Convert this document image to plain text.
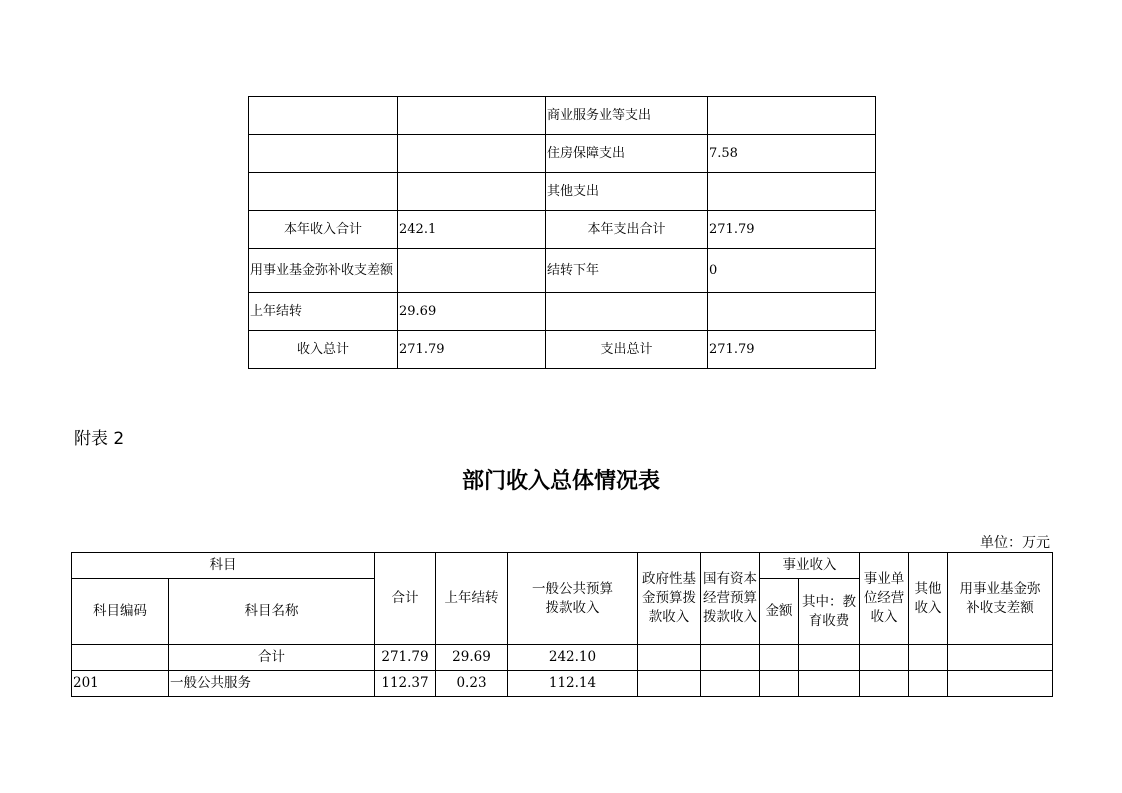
		商业服务业等支出	
		住房保障支出	7.58
		其他支出	
本年收入合计	242.1	本年支出合计	271.79
用事业基金弥补收支差额		结转下年	0
上年结转	29.69		
收入总计	271.79	支出总计	271.79
附表 2
部门收入总体情况表
单位：万元
科目		合计	上年结转	一般公共预算拨款收入	政府性基金预算拨款收入	国有资本经营预算拨款收入	事业收入		事业单位经营收入	其他收入	用事业基金弥补收支差额
科目编码	科目名称						金额	其中：教育收费			
	合计	271.79	29.69	242.10							
201	一般公共服务	112.37	0.23	112.14							
